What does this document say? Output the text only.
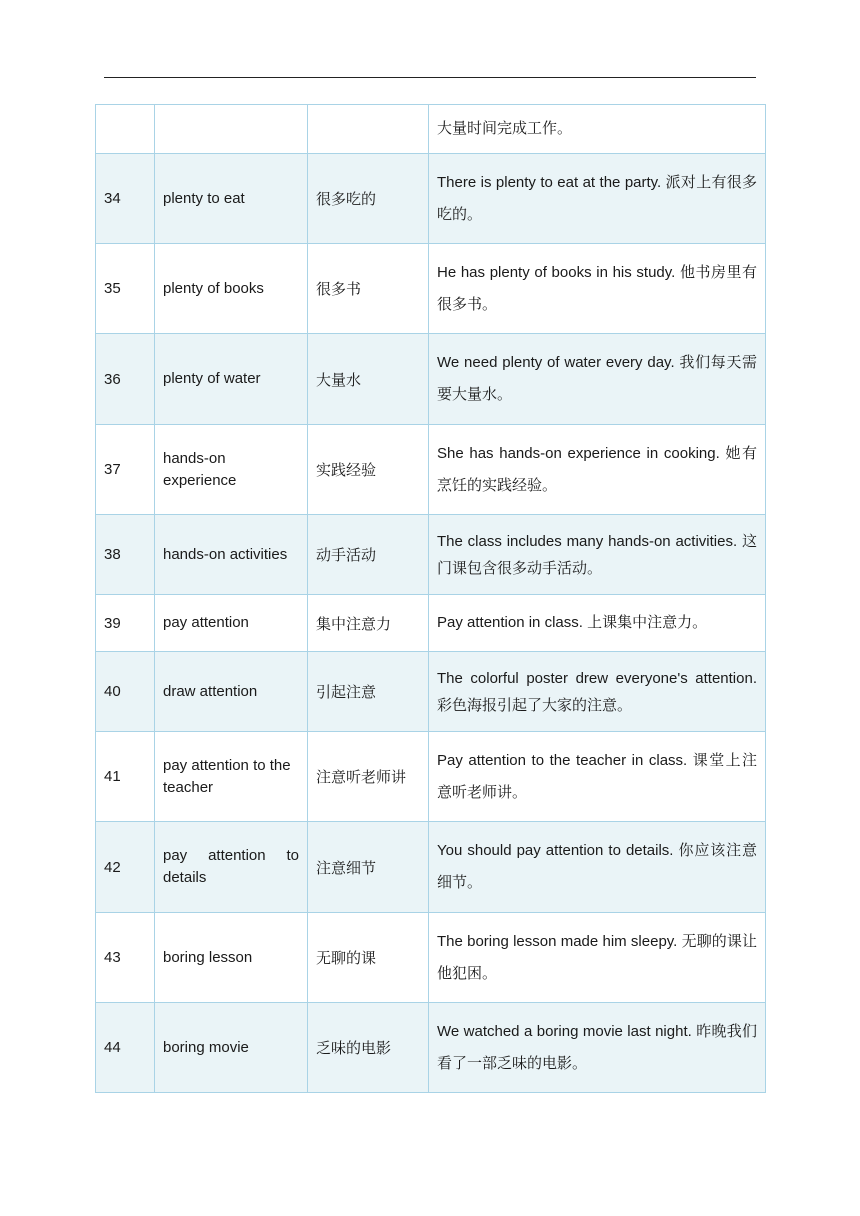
			大量时间完成工作。
34	plenty to eat	很多吃的	There is plenty to eat at the party. 派对上有很多吃的。
35	plenty of books	很多书	He has plenty of books in his study. 他书房里有很多书。
36	plenty of water	大量水	We need plenty of water every day. 我们每天需要大量水。
37	hands-on experience	实践经验	She has hands-on experience in cooking. 她有烹饪的实践经验。
38	hands-on activities	动手活动	The class includes many hands-on activities. 这门课包含很多动手活动。
39	pay attention	集中注意力	Pay attention in class. 上课集中注意力。
40	draw attention	引起注意	The colorful poster drew everyone's attention. 彩色海报引起了大家的注意。
41	pay attention to the teacher	注意听老师讲	Pay attention to the teacher in class. 课堂上注意听老师讲。
42	pay attention to details	注意细节	You should pay attention to details. 你应该注意细节。
43	boring lesson	无聊的课	The boring lesson made him sleepy. 无聊的课让他犯困。
44	boring movie	乏味的电影	We watched a boring movie last night. 昨晚我们看了一部乏味的电影。
